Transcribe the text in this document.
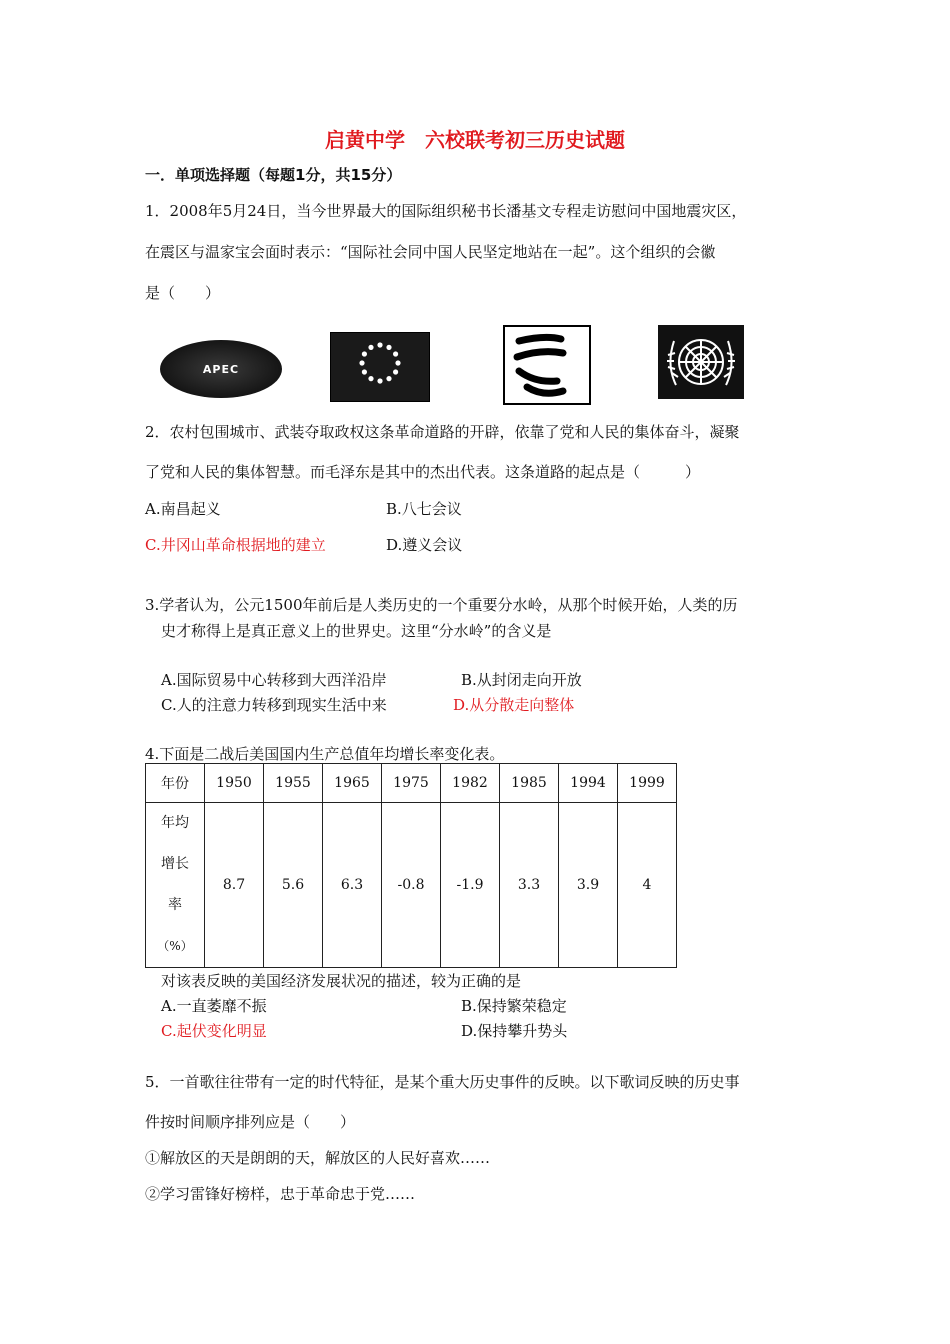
启黄中学　六校联考初三历史试题
一．单项选择题（每题1分，共15分）
1．2008年5月24日，当今世界最大的国际组织秘书长潘基文专程走访慰问中国地震灾区，
在震区与温家宝会面时表示：“国际社会同中国人民坚定地站在一起”。这个组织的会徽
是（　　）
APEC
2．农村包围城市、武装夺取政权这条革命道路的开辟，依靠了党和人民的集体奋斗，凝聚
了党和人民的集体智慧。而毛泽东是其中的杰出代表。这条道路的起点是（　　　）
A.南昌起义	B.八七会议
C.井冈山革命根据地的建立	D.遵义会议
3.学者认为，公元1500年前后是人类历史的一个重要分水岭，从那个时候开始，人类的历
史才称得上是真正意义上的世界史。这里“分水岭”的含义是
A.国际贸易中心转移到大西洋沿岸	B.从封闭走向开放
C.人的注意力转移到现实生活中来	D.从分散走向整体
4.下面是二战后美国国内生产总值年均增长率变化表。
年份	1950	1955	1965	1975	1982	1985	1994	1999

年均
增长
率
（%）	8.7	5.6	6.3	-0.8	-1.9	3.3	3.9	4
对该表反映的美国经济发展状况的描述，较为正确的是
A.一直萎靡不振	B.保持繁荣稳定
C.起伏变化明显	D.保持攀升势头
5．一首歌往往带有一定的时代特征，是某个重大历史事件的反映。以下歌词反映的历史事
件按时间顺序排列应是（　　）
①解放区的天是朗朗的天，解放区的人民好喜欢……
②学习雷锋好榜样，忠于革命忠于党……
